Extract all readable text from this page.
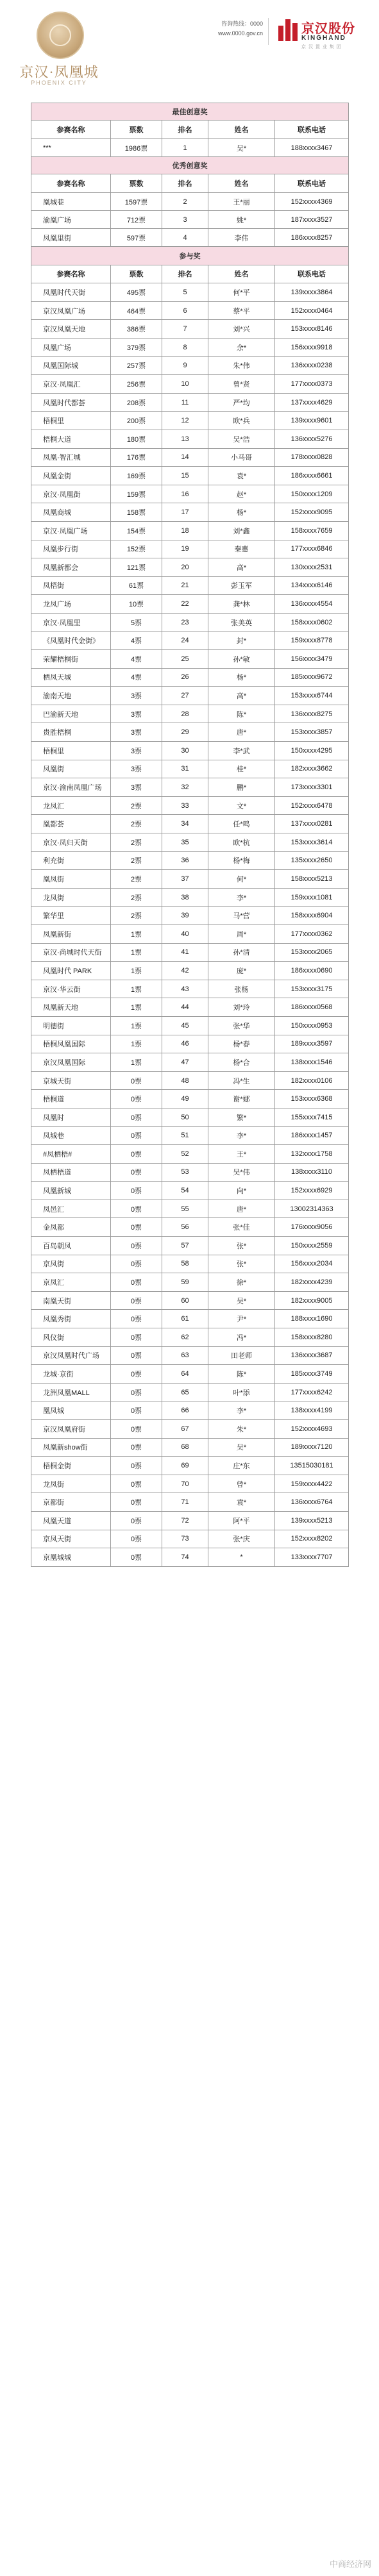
京汉·凤凰城
PHOENIX CITY
咨询热线：0000
www.0000.gov.cn	京汉股份
KINGHAND
京 汉 置 业 集 团
最佳创意奖				
参赛名称	票数	排名	姓名	联系电话
***	1986票	1	吴*	188xxxx3467
优秀创意奖				
参赛名称	票数	排名	姓名	联系电话
凰城巷	1597票	2	王*丽	152xxxx4369
渝凰广场	712票	3	姚*	187xxxx3527
凤凰里街	597票	4	李伟	186xxxx8257
参与奖				
参赛名称	票数	排名	姓名	联系电话
凤凰时代天街	495票	5	何*平	139xxxx3864
京汉凤凰广场	464票	6	蔡*平	152xxxx0464
京汉凤凰天地	386票	7	刘*兴	153xxxx8146
凤凰广场	379票	8	余*	156xxxx9918
凤凰国际城	257票	9	朱*伟	136xxxx0238
京汉·凤凰汇	256票	10	曾*贤	177xxxx0373
凤凰时代都荟	208票	11	严*均	137xxxx4629
梧桐里	200票	12	欧*兵	139xxxx9601
梧桐大道	180票	13	吴*浩	136xxxx5276
凤凰·智汇城	176票	14	小马哥	178xxxx0828
凤凰金街	169票	15	袁*	186xxxx6661
京汉·凤凰街	159票	16	赵*	150xxxx1209
凤凰商城	158票	17	杨*	152xxxx9095
京汉·凤凰广场	154票	18	刘*鑫	158xxxx7659
凤凰步行街	152票	19	秦惠	177xxxx6846
凤凰新都会	121票	20	高*	130xxxx2531
凤梧街	61票	21	彭玉军	134xxxx6146
龙凤广场	10票	22	龚*林	136xxxx4554
京汉·凤凰里	5票	23	张美英	158xxxx0602
《凤凰时代金街》	4票	24	封*	159xxxx8778
荣耀梧桐街	4票	25	孙*敏	156xxxx3479
栖凤天城	4票	26	杨*	185xxxx9672
渝南天地	3票	27	高*	153xxxx6744
巴渝新天地	3票	28	陈*	136xxxx8275
贵胜梧桐	3票	29	唐*	153xxxx3857
梧桐里	3票	30	李*武	150xxxx4295
凤凰街	3票	31	桂*	182xxxx3662
京汉·渝南凤凰广场	3票	32	鹏*	173xxxx3301
龙凤汇	2票	33	文*	152xxxx6478
凰都荟	2票	34	任*鸣	137xxxx0281
京汉·凤归天街	2票	35	欧*杭	153xxxx3614
利充街	2票	36	杨*梅	135xxxx2650
凰凤街	2票	37	何*	158xxxx5213
龙凤街	2票	38	李*	159xxxx1081
繁华里	2票	39	马*营	158xxxx6904
凤凰新街	1票	40	周*	177xxxx0362
京汉·尚城时代天街	1票	41	孙*清	153xxxx2065
凤凰时代 PARK	1票	42	庞*	186xxxx0690
京汉·华云街	1票	43	张杨	153xxxx3175
凤凰新天地	1票	44	刘*玲	186xxxx0568
明德街	1票	45	张*华	150xxxx0953
梧桐凤凰国际	1票	46	杨*春	189xxxx3597
京汉凤凰国际	1票	47	杨*合	138xxxx1546
京城天街	0票	48	冯*生	182xxxx0106
梧桐道	0票	49	谢*娜	153xxxx6368
凤凰时	0票	50	繁*	155xxxx7415
凤城巷	0票	51	李*	186xxxx1457
#凤栖梧#	0票	52	王*	132xxxx1758
凤栖梧道	0票	53	吴*伟	138xxxx3110
凤凰新城	0票	54	向*	152xxxx6929
凤邑汇	0票	55	唐*	13002314363
金凤都	0票	56	张*佳	176xxxx9056
百岛朝凤	0票	57	张*	150xxxx2559
京凤街	0票	58	张*	156xxxx2034
京凤汇	0票	59	徐*	182xxxx4239
南凰天街	0票	60	吴*	182xxxx9005
凤凰秀街	0票	61	尹*	188xxxx1690
风仪街	0票	62	冯*	158xxxx8280
京汉凤凰时代广场	0票	63	田老师	136xxxx3687
龙城·京街	0票	64	陈*	185xxxx3749
龙洲凤凰MALL	0票	65	叶*添	177xxxx6242
凰凤城	0票	66	李*	138xxxx4199
京汉凤凰府街	0票	67	朱*	152xxxx4693
凤凰新show街	0票	68	吴*	189xxxx7120
梧桐金街	0票	69	庄*东	13515030181
龙凤街	0票	70	曾*	159xxxx4422
京都街	0票	71	袁*	136xxxx6764
凤凰天道	0票	72	阿*平	139xxxx5213
京凤天街	0票	73	张*庆	152xxxx8202
京凰城城	0票	74	*	133xxxx7707
中商经济网
